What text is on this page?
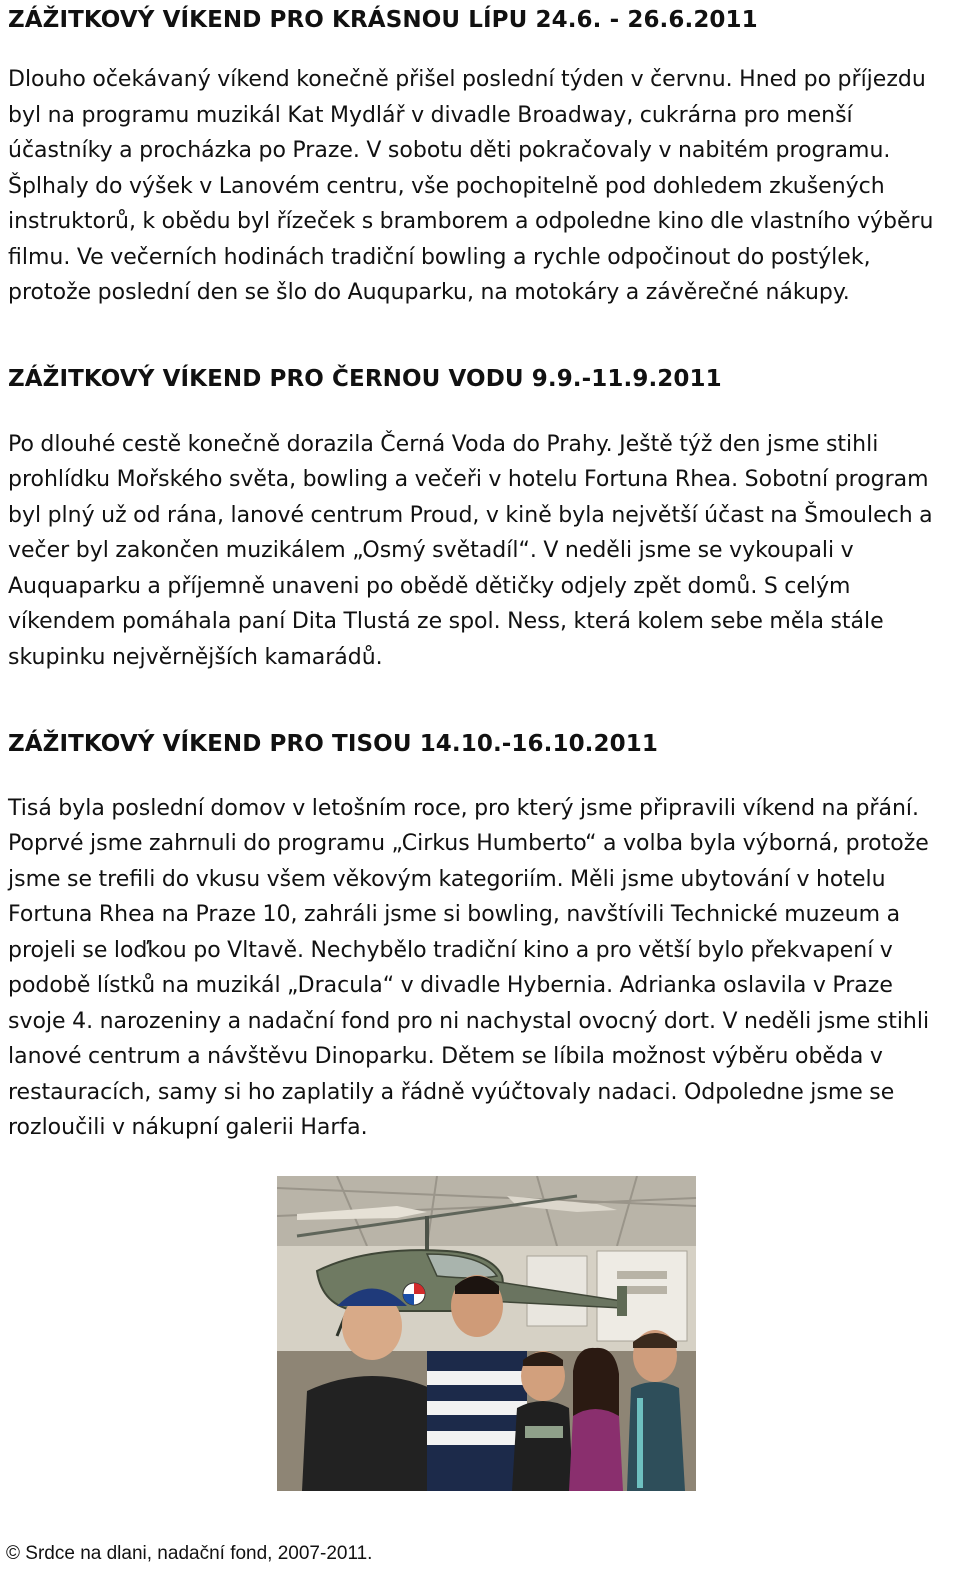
ZÁŽITKOVÝ VÍKEND PRO KRÁSNOU LÍPU 24.6. - 26.6.2011
Dlouho očekávaný víkend konečně přišel poslední týden v červnu. Hned po příjezdu
byl na programu muzikál Kat Mydlář v divadle Broadway, cukrárna pro menší
účastníky a procházka po Praze. V sobotu děti pokračovaly v nabitém programu.
Šplhaly do výšek v Lanovém centru, vše pochopitelně pod dohledem zkušených
instruktorů, k obědu byl řízeček s bramborem a odpoledne kino dle vlastního výběru
filmu. Ve večerních hodinách tradiční bowling a rychle odpočinout do postýlek,
protože poslední den se šlo do Auquparku, na motokáry a závěrečné nákupy.
ZÁŽITKOVÝ VÍKEND PRO ČERNOU VODU 9.9.-11.9.2011
Po dlouhé cestě konečně dorazila Černá Voda do Prahy. Ještě týž den jsme stihli
prohlídku Mořského světa, bowling a večeři v hotelu Fortuna Rhea. Sobotní program
byl plný už od rána, lanové centrum Proud, v kině byla největší účast na Šmoulech a
večer byl zakončen muzikálem „Osmý světadíl“. V neděli jsme se vykoupali v
Auquaparku a příjemně unaveni po obědě dětičky odjely zpět domů. S celým
víkendem pomáhala paní Dita Tlustá ze spol. Ness, která kolem sebe měla stále
skupinku nejvěrnějších kamarádů.
ZÁŽITKOVÝ VÍKEND PRO TISOU 14.10.-16.10.2011
Tisá byla poslední domov v letošním roce, pro který jsme připravili víkend na přání.
Poprvé jsme zahrnuli do programu „Cirkus Humberto“ a volba byla výborná, protože
jsme se trefili do vkusu všem věkovým kategoriím. Měli jsme ubytování v hotelu
Fortuna Rhea na Praze 10, zahráli jsme si bowling, navštívili Technické muzeum a
projeli se loďkou po Vltavě. Nechybělo tradiční kino a pro větší bylo překvapení v
podobě lístků na muzikál „Dracula“ v divadle Hybernia. Adrianka oslavila v Praze
svoje 4. narozeniny a nadační fond pro ni nachystal ovocný dort. V neděli jsme stihli
lanové centrum a návštěvu Dinoparku. Dětem se líbila možnost výběru oběda v
restauracích, samy si ho zaplatily a řádně vyúčtovaly nadaci. Odpoledne jsme se
rozloučili v nákupní galerii Harfa.
© Srdce na dlani, nadační fond, 2007-2011.
